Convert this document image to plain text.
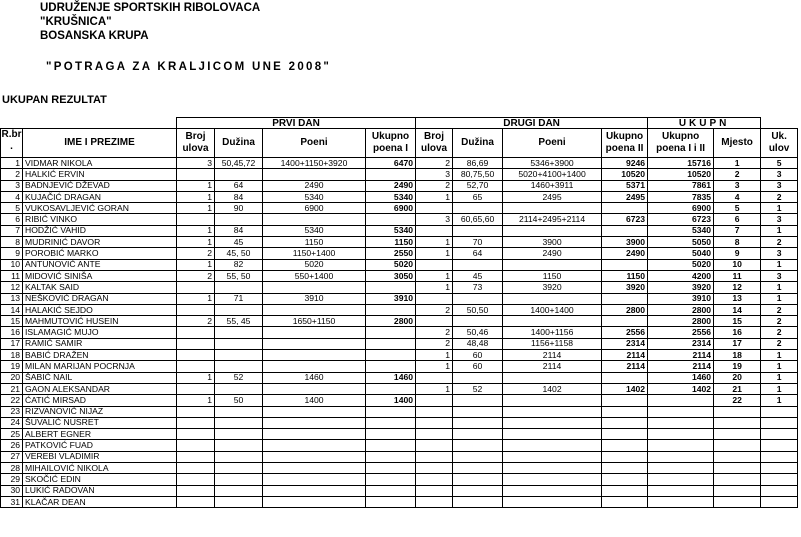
UDRUŽENJE SPORTSKIH RIBOLOVACA
"KRUŠNICA"
BOSANSKA KRUPA
"POTRAGA ZA KRALJICOM UNE 2008"
UKUPAN REZULTAT
		PRVI DAN				DRUGI DAN				UKUPN		
R.br .	IME I PREZIME	Broj ulova	Dužina	Poeni	Ukupno poena I	Broj ulova	Dužina	Poeni	Ukupno poena II	Ukupno poena I i II	Mjesto	Uk. ulov
1	VIDMAR NIKOLA	3	50,45,72	1400+1150+3920	6470	2	86,69	5346+3900	9246	15716	1	5
2	HALKIĆ ERVIN					3	80,75,50	5020+4100+1400	10520	10520	2	3
3	BADNJEVIĆ DŽEVAD	1	64	2490	2490	2	52,70	1460+3911	5371	7861	3	3
4	KUJAČIĆ DRAGAN	1	84	5340	5340	1	65	2495	2495	7835	4	2
5	VUKOSAVLJEVIĆ GORAN	1	90	6900	6900					6900	5	1
6	RIBIĆ VINKO					3	60,65,60	2114+2495+2114	6723	6723	6	3
7	HODŽIĆ VAHID	1	84	5340	5340					5340	7	1
8	MUDRINIĆ DAVOR	1	45	1150	1150	1	70	3900	3900	5050	8	2
9	POROBIĆ MARKO	2	45, 50	1150+1400	2550	1	64	2490	2490	5040	9	3
10	ANTUNOVIĆ ANTE	1	82	5020	5020					5020	10	1
11	MIDOVIĆ SINIŠA	2	55, 50	550+1400	3050	1	45	1150	1150	4200	11	3
12	KALTAK SAID					1	73	3920	3920	3920	12	1
13	NEŠKOVIĆ DRAGAN	1	71	3910	3910					3910	13	1
14	HALAKIĆ SEJDO					2	50,50	1400+1400	2800	2800	14	2
15	MAHMUTOVIĆ HUSEIN	2	55, 45	1650+1150	2800					2800	15	2
16	ISLAMAGIĆ MUJO					2	50,46	1400+1156	2556	2556	16	2
17	RAMIĆ SAMIR					2	48,48	1156+1158	2314	2314	17	2
18	BABIĆ DRAŽEN					1	60	2114	2114	2114	18	1
19	MILAN MARIJAN POCRNJA					1	60	2114	2114	2114	19	1
20	ŠABIĆ NAIL	1	52	1460	1460					1460	20	1
21	GAON ALEKSANDAR					1	52	1402	1402	1402	21	1
22	ĆATIĆ MIRSAD	1	50	1400	1400						22	1
23	RIZVANOVIĆ NIJAZ											
24	ŠUVALIĆ NUSRET											
25	ALBERT EGNER											
26	PATKOVIĆ FUAD											
27	VEREBI VLADIMIR											
28	MIHAILOVIĆ NIKOLA											
29	SKOČIĆ EDIN											
30	LUKIĆ RADOVAN											
31	KLAČAR DEAN											
